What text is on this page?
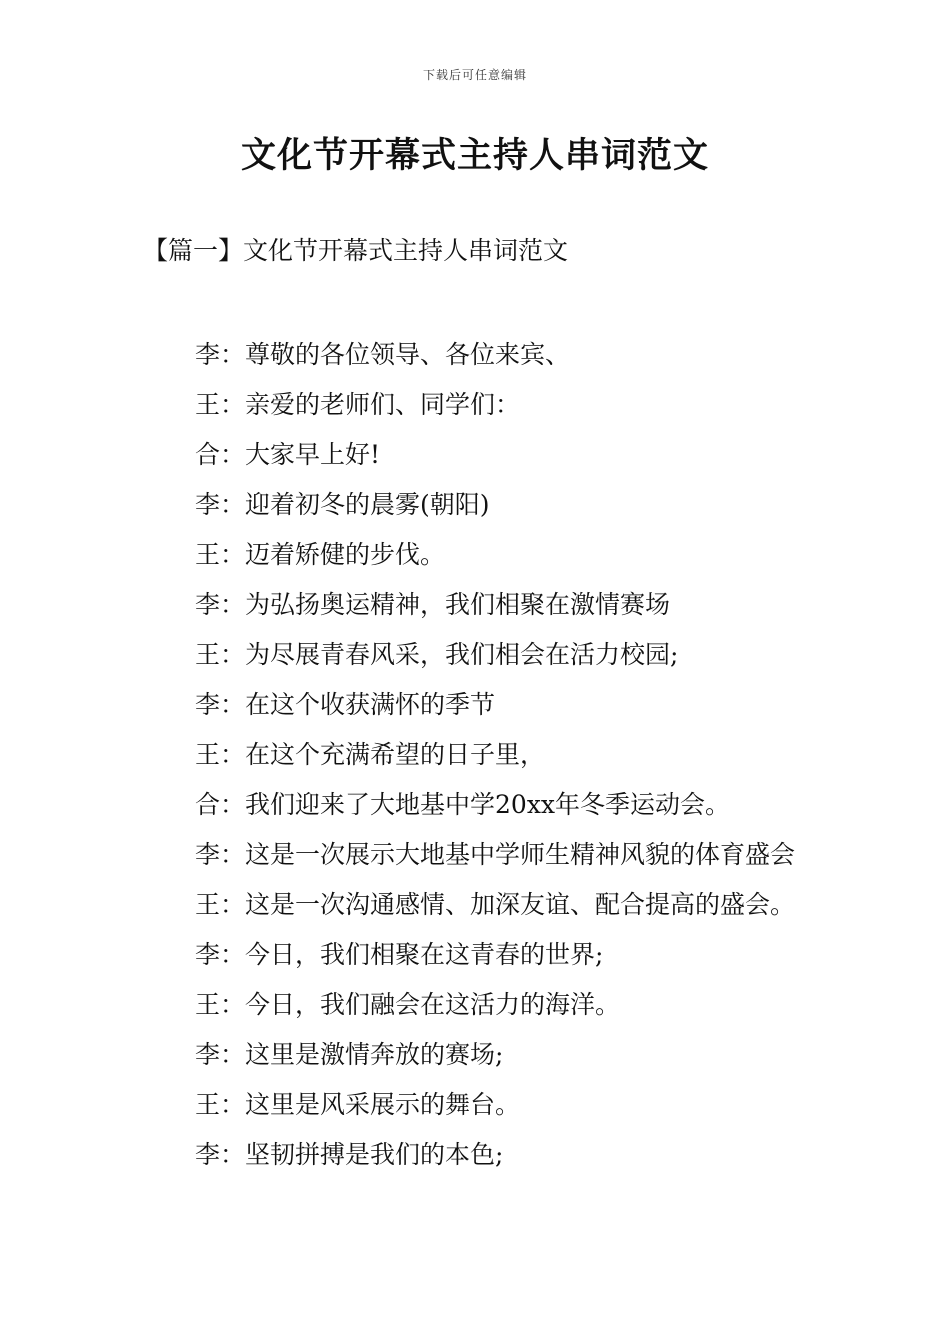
下载后可任意编辑
文化节开幕式主持人串词范文
【篇一】文化节开幕式主持人串词范文
李：尊敬的各位领导、各位来宾、
王：亲爱的老师们、同学们：
合：大家早上好!
李：迎着初冬的晨雾(朝阳)
王：迈着矫健的步伐。
李：为弘扬奥运精神，我们相聚在激情赛场
王：为尽展青春风采，我们相会在活力校园;
李：在这个收获满怀的季节
王：在这个充满希望的日子里，
合：我们迎来了大地基中学20xx年冬季运动会。
李：这是一次展示大地基中学师生精神风貌的体育盛会
王：这是一次沟通感情、加深友谊、配合提高的盛会。
李：今日，我们相聚在这青春的世界;
王：今日，我们融会在这活力的海洋。
李：这里是激情奔放的赛场;
王：这里是风采展示的舞台。
李：坚韧拼搏是我们的本色;
